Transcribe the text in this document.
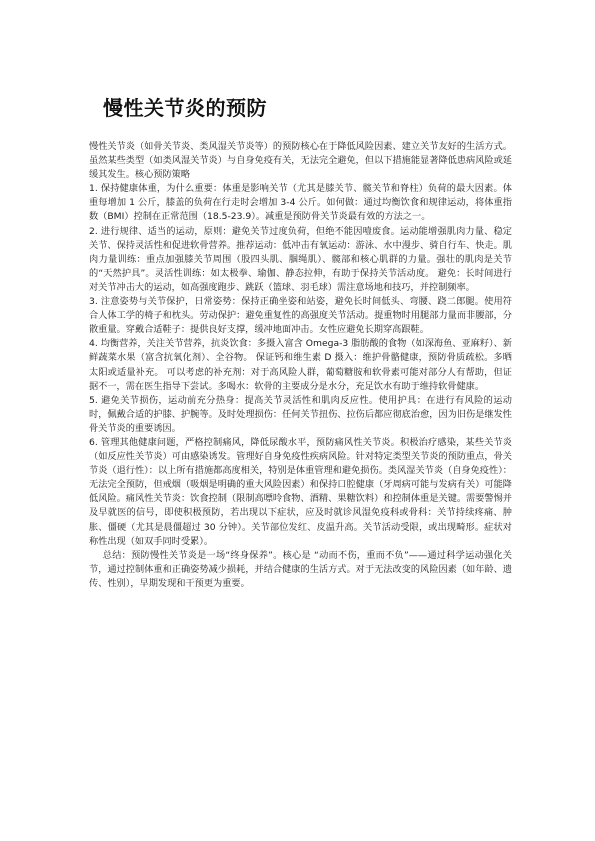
慢性关节炎的预防

慢性关节炎（如骨关节炎、类风湿关节炎等）的预防核心在于降低风险因素、建立关节友好的生活方式。虽然某些类型（如类风湿关节炎）与自身免疫有关，无法完全避免，但以下措施能显著降低患病风险或延缓其发生。核心预防策略

1. 保持健康体重，为什么重要：体重是影响关节（尤其是膝关节、髋关节和脊柱）负荷的最大因素。体重每增加 1 公斤，膝盖的负荷在行走时会增加 3-4 公斤。如何做：通过均衡饮食和规律运动，将体重指数（BMI）控制在正常范围（18.5-23.9）。减重是预防骨关节炎最有效的方法之一。

2. 进行规律、适当的运动，原则：避免关节过度负荷，但绝不能因噎废食。运动能增强肌肉力量、稳定关节、保持灵活性和促进软骨营养。推荐运动：低冲击有氧运动：游泳、水中漫步、骑自行车、快走。肌肉力量训练：重点加强膝关节周围（股四头肌、腘绳肌）、髋部和核心肌群的力量。强壮的肌肉是关节的“天然护具”。灵活性训练：如太极拳、瑜伽、静态拉伸，有助于保持关节活动度。 避免：长时间进行对关节冲击大的运动，如高强度跑步、跳跃（篮球、羽毛球）需注意场地和技巧，并控制频率。

3. 注意姿势与关节保护，日常姿势：保持正确坐姿和站姿，避免长时间低头、弯腰、跷二郎腿。使用符合人体工学的椅子和枕头。劳动保护：避免重复性的高强度关节活动。提重物时用腿部力量而非腰部，分散重量。穿戴合适鞋子：提供良好支撑，缓冲地面冲击。女性应避免长期穿高跟鞋。

4. 均衡营养，关注关节营养，抗炎饮食：多摄入富含 Omega-3 脂肪酸的食物（如深海鱼、亚麻籽）、新鲜蔬菜水果（富含抗氧化剂）、全谷物。 保证钙和维生素 D 摄入：维护骨骼健康，预防骨质疏松。多晒太阳或适量补充。 可以考虑的补充剂：对于高风险人群，葡萄糖胺和软骨素可能对部分人有帮助，但证据不一，需在医生指导下尝试。多喝水：软骨的主要成分是水分，充足饮水有助于维持软骨健康。

5. 避免关节损伤，运动前充分热身：提高关节灵活性和肌肉反应性。使用护具：在进行有风险的运动时，佩戴合适的护膝、护腕等。及时处理损伤：任何关节扭伤、拉伤后都应彻底治愈，因为旧伤是继发性骨关节炎的重要诱因。

6. 管理其他健康问题，严格控制痛风，降低尿酸水平，预防痛风性关节炎。积极治疗感染，某些关节炎（如反应性关节炎）可由感染诱发。管理好自身免疫性疾病风险。针对特定类型关节炎的预防重点，骨关节炎（退行性）：以上所有措施都高度相关，特别是体重管理和避免损伤。类风湿关节炎（自身免疫性）：无法完全预防，但戒烟（吸烟是明确的重大风险因素）和保持口腔健康（牙周病可能与发病有关）可能降低风险。痛风性关节炎：饮食控制（限制高嘌呤食物、酒精、果糖饮料）和控制体重是关键。需要警惕并及早就医的信号，即使积极预防，若出现以下症状，应及时就诊风湿免疫科或骨科：关节持续疼痛、肿胀、僵硬（尤其是晨僵超过 30 分钟）。关节部位发红、皮温升高。关节活动受限，或出现畸形。症状对称性出现（如双手同时受累）。

总结：预防慢性关节炎是一场“终身保养”。核心是 “动而不伤，重而不负”——通过科学运动强化关节，通过控制体重和正确姿势减少损耗，并结合健康的生活方式。对于无法改变的风险因素（如年龄、遗传、性别），早期发现和干预更为重要。
